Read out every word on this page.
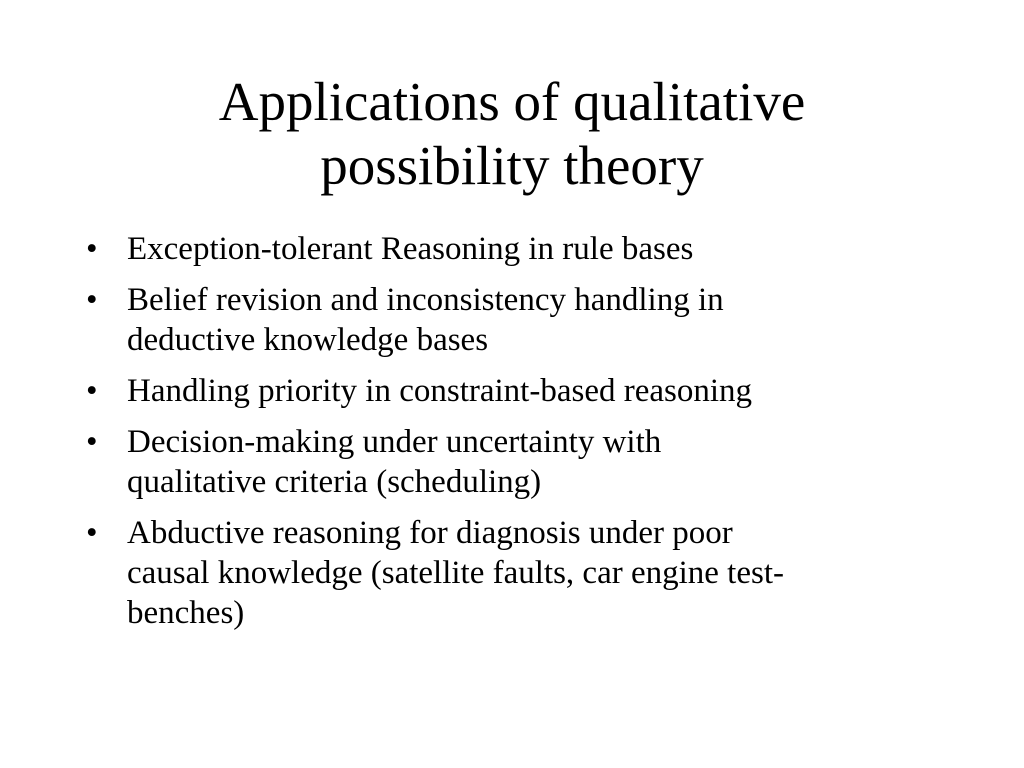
Applications of qualitative
possibility theory
• Exception-tolerant Reasoning in rule bases
• Belief revision and inconsistency handling in
deductive knowledge bases
• Handling priority in constraint-based reasoning
• Decision-making under uncertainty with
qualitative criteria (scheduling)
• Abductive reasoning for diagnosis under poor
causal knowledge (satellite faults, car engine test-
benches)
